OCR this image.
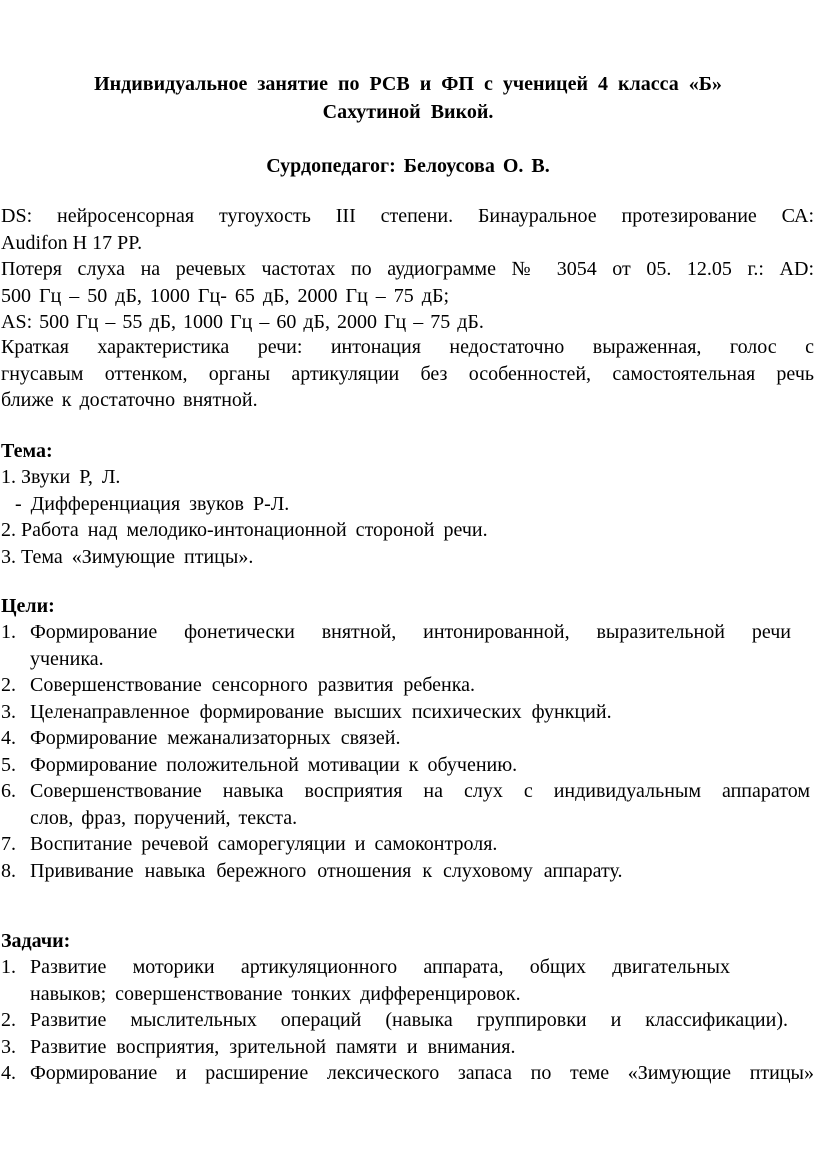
Индивидуальное занятие по РСВ и ФП с ученицей 4 класса «Б»
Сахутиной Викой.
Сурдопедагог: Белоусова О. В.
DS: нейросенсорная тугоухость III степени. Бинауральное протезирование СА:
Audifon H 17 PP.
Потеря слуха на речевых частотах по аудиограмме № 3054 от 05. 12.05 г.: AD:
500 Гц – 50 дБ, 1000 Гц- 65 дБ, 2000 Гц – 75 дБ;
AS: 500 Гц – 55 дБ, 1000 Гц – 60 дБ, 2000 Гц – 75 дБ.
Краткая характеристика речи: интонация недостаточно выраженная, голос с
гнусавым оттенком, органы артикуляции без особенностей, самостоятельная речь
ближе к достаточно внятной.
Тема:
1. Звуки Р, Л.
- Дифференциация звуков Р-Л.
2. Работа над мелодико-интонационной стороной речи.
3. Тема «Зимующие птицы».
Цели:
1. Формирование фонетически внятной, интонированной, выразительной речи
ученика.
2. Совершенствование сенсорного развития ребенка.
3. Целенаправленное формирование высших психических функций.
4. Формирование межанализаторных связей.
5. Формирование положительной мотивации к обучению.
6. Совершенствование навыка восприятия на слух с индивидуальным аппаратом
слов, фраз, поручений, текста.
7. Воспитание речевой саморегуляции и самоконтроля.
8. Прививание навыка бережного отношения к слуховому аппарату.
Задачи:
1. Развитие моторики артикуляционного аппарата, общих двигательных
навыков; совершенствование тонких дифференцировок.
2. Развитие мыслительных операций (навыка группировки и классификации).
3. Развитие восприятия, зрительной памяти и внимания.
4. Формирование и расширение лексического запаса по теме «Зимующие птицы»
